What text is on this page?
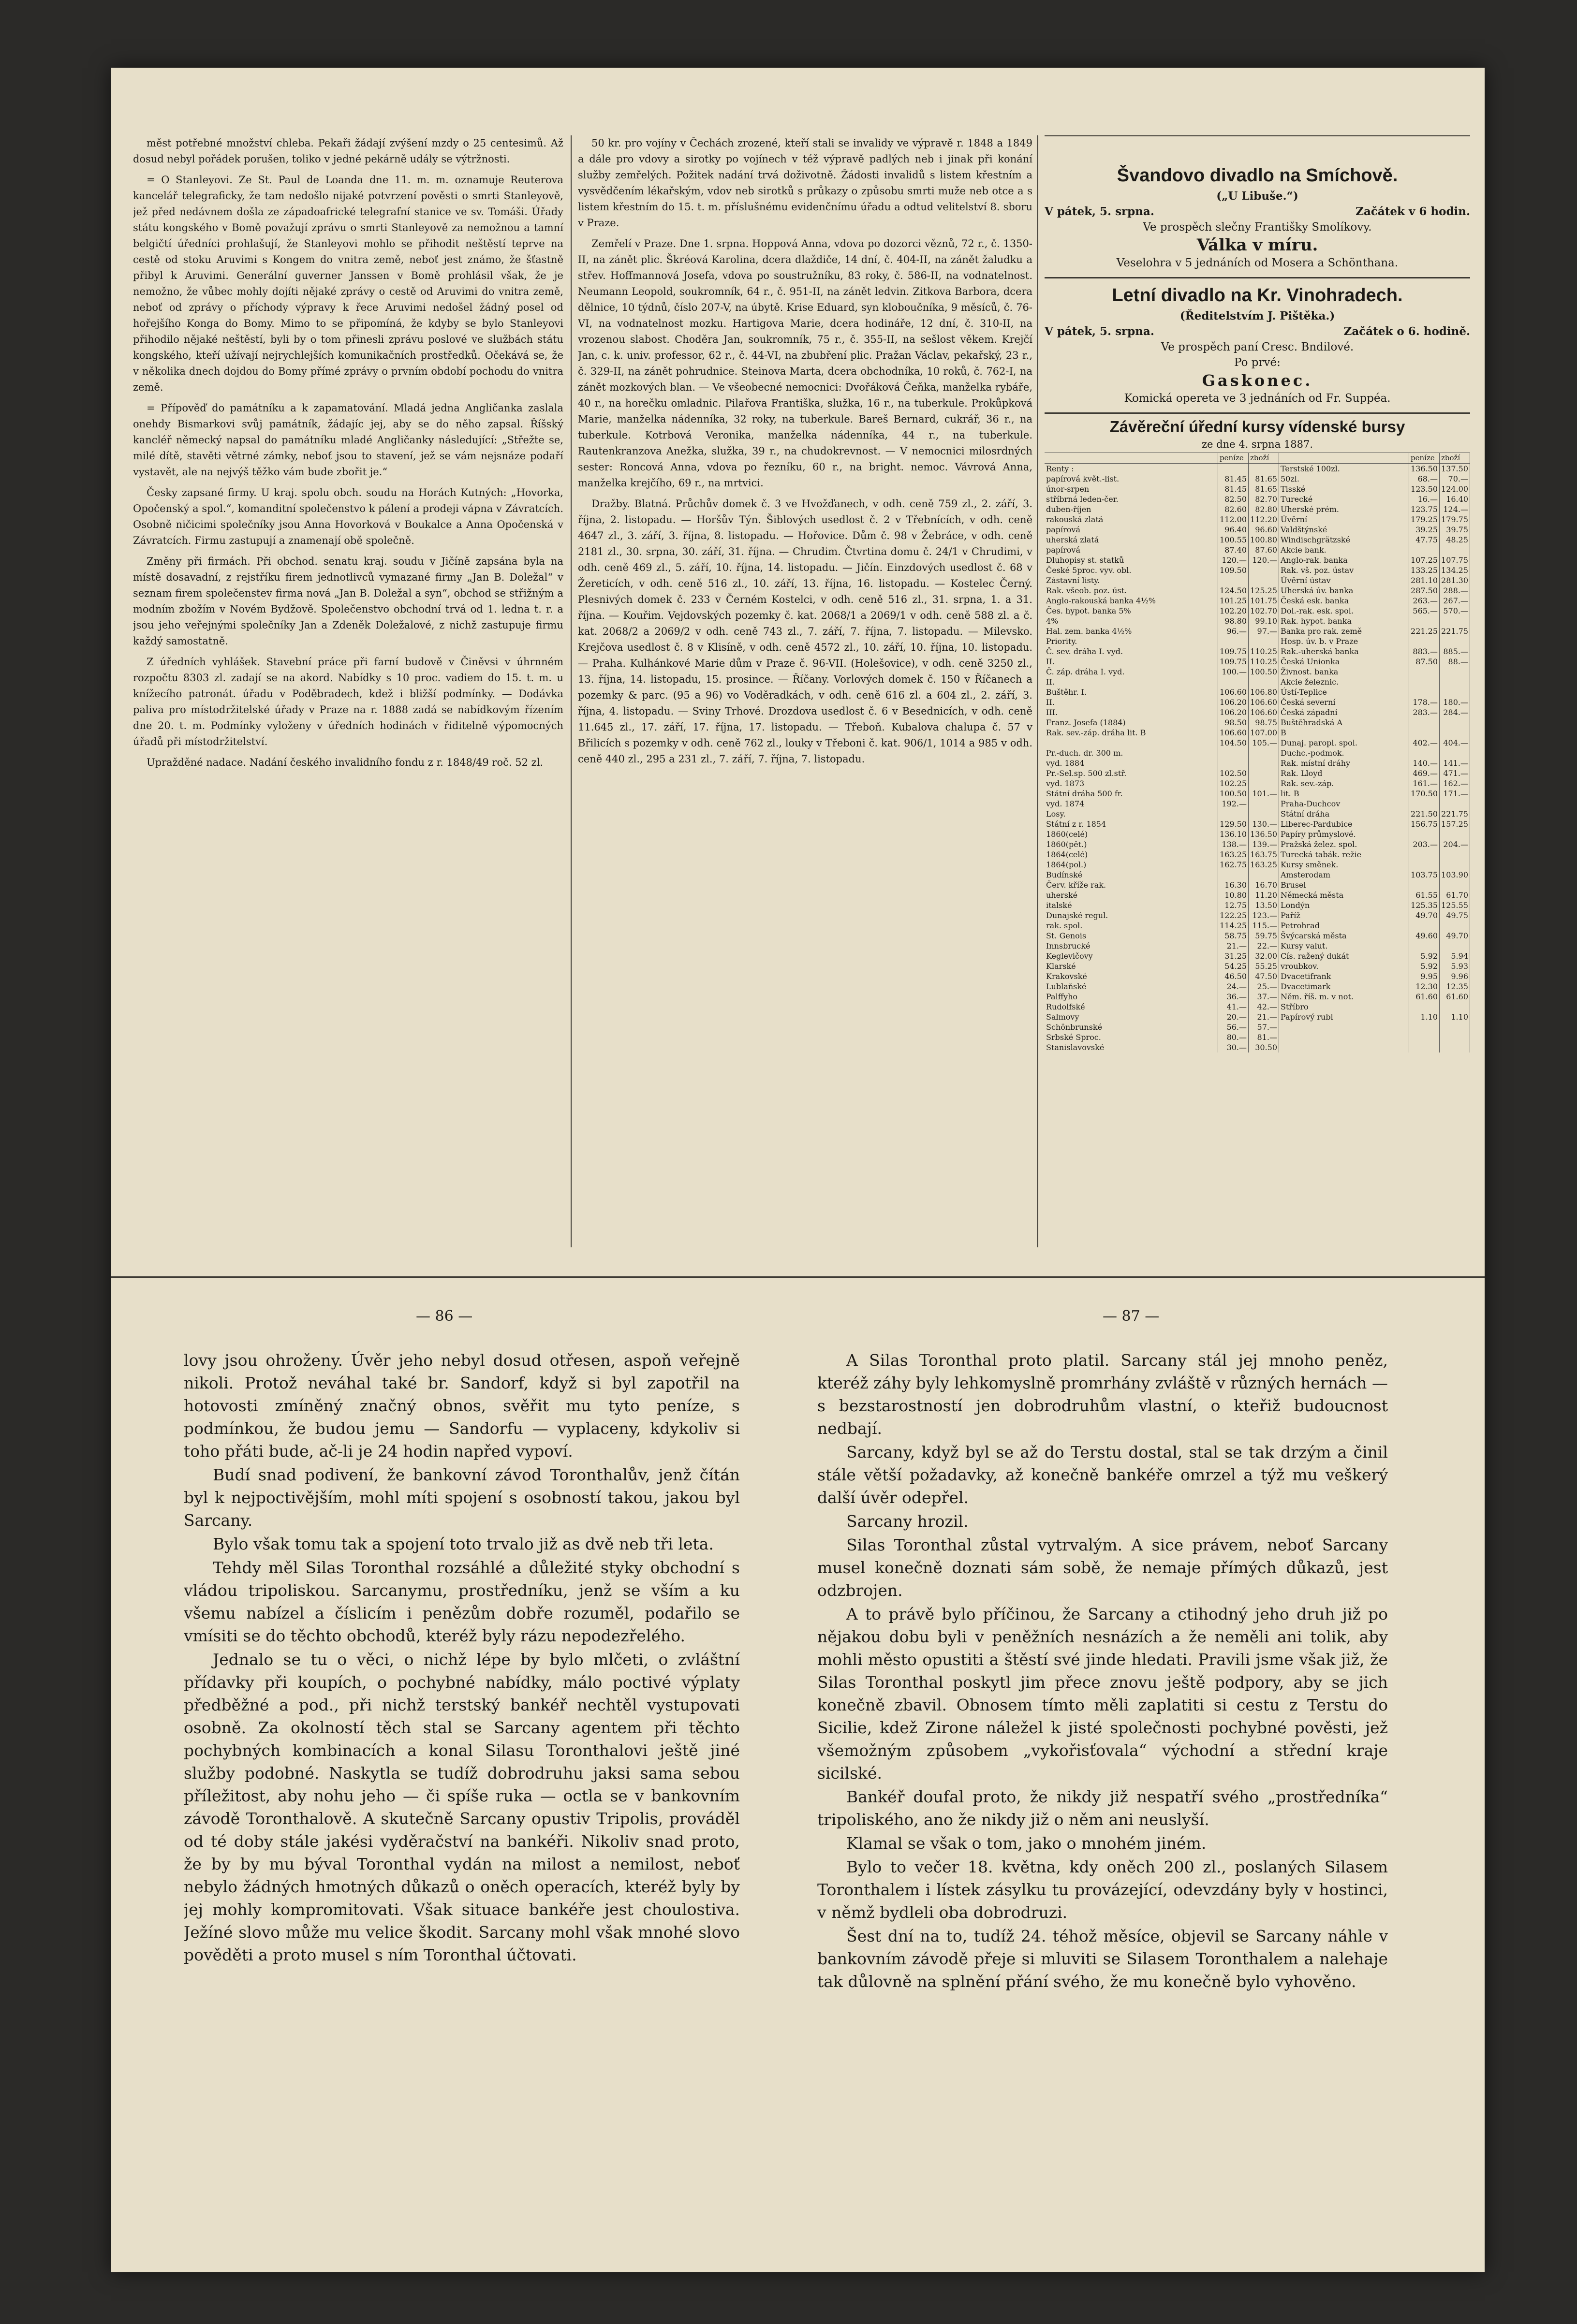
měst potřebné množství chleba. Pekaři žádají zvýšení mzdy o 25 centesimů. Až dosud nebyl pořádek porušen, toliko v jedné pekárně udály se výtržnosti.

= O Stanleyovi. Ze St. Paul de Loanda dne 11. m. m. oznamuje Reuterova kancelář telegraficky, že tam nedošlo nijaké potvrzení pověsti o smrti Stanleyově, jež před nedávnem došla ze západoafrické telegrafní stanice ve sv. Tomáši. Úřady státu kongského v Bomě považují zprávu o smrti Stanleyově za nemožnou a tamní belgičtí úředníci prohlašují, že Stanleyovi mohlo se přihodit neštěstí teprve na cestě od stoku Aruvimi s Kongem do vnitra země, neboť jest známo, že šťastně přibyl k Aruvimi. Generální guverner Janssen v Bomě prohlásil však, že je nemožno, že vůbec mohly dojíti nějaké zprávy o cestě od Aruvimi do vnitra země, neboť od zprávy o příchody výpravy k řece Aruvimi nedošel žádný posel od hořejšího Konga do Bomy. Mimo to se připomíná, že kdyby se bylo Stanleyovi přihodilo nějaké neštěstí, byli by o tom přinesli zprávu poslové ve službách státu kongského, kteří užívají nejrychlejších komunikačních prostředků. Očekává se, že v několika dnech dojdou do Bomy přímé zprávy o prvním období pochodu do vnitra země.

= Přípověď do památníku a k zapamatování. Mladá jedna Angličanka zaslala onehdy Bismarkovi svůj památník, žádajíc jej, aby se do něho zapsal. Říšský kancléř německý napsal do památníku mladé Angličanky následující: „Střežte se, milé dítě, stavěti větrné zámky, neboť jsou to stavení, jež se vám nejsnáze podaří vystavět, ale na nejvýš těžko vám bude zbořit je.“

Česky zapsané firmy. U kraj. spolu obch. soudu na Horách Kutných: „Hovorka, Opočenský a spol.“, komanditní společenstvo k pálení a prodeji vápna v Závratcích. Osobně ničicimi společníky jsou Anna Hovorková v Boukalce a Anna Opočenská v Závratcích. Firmu zastupují a znamenají obě společně.

Změny při firmách. Při obchod. senatu kraj. soudu v Jičíně zapsána byla na místě dosavadní, z rejstříku firem jednotlivců vymazané firmy „Jan B. Doležal“ v seznam firem společenstev firma nová „Jan B. Doležal a syn“, obchod se střižným a modním zbožím v Novém Bydžově. Společenstvo obchodní trvá od 1. ledna t. r. a jsou jeho veřejnými společníky Jan a Zdeněk Doležalové, z nichž zastupuje firmu každý samostatně.

Z úředních vyhlášek. Stavební práce při farní budově v Činěvsi v úhrnném rozpočtu 8303 zl. zadají se na akord. Nabídky s 10 proc. vadiem do 15. t. m. u knížecího patronát. úřadu v Poděbradech, kdež i bližší podmínky. — Dodávka paliva pro místodržitelské úřady v Praze na r. 1888 zadá se nabídkovým řízením dne 20. t. m. Podmínky vyloženy v úředních hodinách v řiditelně výpomocných úřadů při místodržitelství.

Upražděné nadace. Nadání českého invalidního fondu z r. 1848/49 roč. 52 zl.

50 kr. pro vojíny v Čechách zrozené, kteří stali se invalidy ve výpravě r. 1848 a 1849 a dále pro vdovy a sirotky po vojínech v též výpravě padlých neb i jinak při konání služby zemřelých. Požitek nadání trvá doživotně. Žádosti invalidů s listem křestním a vysvědčením lékařským, vdov neb sirotků s průkazy o způsobu smrti muže neb otce a s listem křestním do 15. t. m. příslušnému evidenčnímu úřadu a odtud velitelství 8. sboru v Praze.

Zemřelí v Praze. Dne 1. srpna. Hoppová Anna, vdova po dozorci věznů, 72 r., č. 1350-II, na zánět plic. Škréová Karolina, dcera dlaždiče, 14 dní, č. 404-II, na zánět žaludku a střev. Hoffmannová Josefa, vdova po soustružníku, 83 roky, č. 586-II, na vodnatelnost. Neumann Leopold, soukromník, 64 r., č. 951-II, na zánět ledvin. Zitkova Barbora, dcera dělnice, 10 týdnů, číslo 207-V, na úbytě. Krise Eduard, syn kloboučníka, 9 měsíců, č. 76-VI, na vodnatelnost mozku. Hartigova Marie, dcera hodináře, 12 dní, č. 310-II, na vrozenou slabost. Choděra Jan, soukromník, 75 r., č. 355-II, na sešlost věkem. Krejčí Jan, c. k. univ. professor, 62 r., č. 44-VI, na zbubření plic. Pražan Václav, pekařský, 23 r., č. 329-II, na zánět pohrudnice. Steinova Marta, dcera obchodníka, 10 roků, č. 762-I, na zánět mozkových blan. — Ve všeobecné nemocnici: Dvořáková Čeňka, manželka rybáře, 40 r., na horečku omladnic. Pilařova Františka, služka, 16 r., na tuberkule. Prokůpková Marie, manželka nádenníka, 32 roky, na tuberkule. Bareš Bernard, cukrář, 36 r., na tuberkule. Kotrbová Veronika, manželka nádenníka, 44 r., na tuberkule. Rautenkranzova Anežka, služka, 39 r., na chudokrevnost. — V nemocnici milosrdných sester: Roncová Anna, vdova po řezníku, 60 r., na bright. nemoc. Vávrová Anna, manželka krejčího, 69 r., na mrtvici.

Dražby. Blatná. Průchův domek č. 3 ve Hvožďanech, v odh. ceně 759 zl., 2. září, 3. října, 2. listopadu. — Horšův Týn. Šiblových usedlost č. 2 v Třebnících, v odh. ceně 4647 zl., 3. září, 3. října, 8. listopadu. — Hořovice. Dům č. 98 v Žebrácе, v odh. ceně 2181 zl., 30. srpna, 30. září, 31. října. — Chrudim. Čtvrtina domu č. 24/1 v Chrudimi, v odh. ceně 469 zl., 5. září, 10. října, 14. listopadu. — Jičín. Einzdových usedlost č. 68 v Žereticích, v odh. ceně 516 zl., 10. září, 13. října, 16. listopadu. — Kostelec Černý. Plesnivých domek č. 233 v Černém Kostelci, v odh. ceně 516 zl., 31. srpna, 1. a 31. října. — Kouřim. Vejdovských pozemky č. kat. 2068/1 a 2069/1 v odh. ceně 588 zl. a č. kat. 2068/2 a 2069/2 v odh. ceně 743 zl., 7. září, 7. října, 7. listopadu. — Milevsko. Krejčova usedlost č. 8 v Klisíně, v odh. ceně 4572 zl., 10. září, 10. října, 10. listopadu. — Praha. Kulhánkové Marie dům v Praze č. 96-VII. (Holešovice), v odh. ceně 3250 zl., 13. října, 14. listopadu, 15. prosince. — Říčany. Vorlových domek č. 150 v Říčanech a pozemky & parc. (95 a 96) vo Voděradkách, v odh. ceně 616 zl. a 604 zl., 2. září, 3. října, 4. listopadu. — Sviny Trhové. Drozdova usedlost č. 6 v Besednicích, v odh. ceně 11.645 zl., 17. září, 17. října, 17. listopadu. — Třeboň. Kubalova chalupa č. 57 v Břilicích s pozemky v odh. ceně 762 zl., louky v Třeboni č. kat. 906/1, 1014 a 985 v odh. ceně 440 zl., 295 a 231 zl., 7. září, 7. října, 7. listopadu.

Švandovo divadlo na Smíchově.
(„U Libuše.“)
V pátek, 5. srpna.	Začátek v 6 hodin.
Ve prospěch slečny Františky Smolíkovy.
Válka v míru.
Veselohra v 5 jednáních od Mosera a Schönthana.
Letní divadlo na Kr. Vinohradech.
(Ředitelstvím J. Pištěka.)
V pátek, 5. srpna.	Začátek o 6. hodině.
Ve prospěch paní Cresc. Bndilové.
Po prvé:
Gaskonec.
Komická opereta ve 3 jednáních od Fr. Suppéa.
Závěreční úřední kursy vídenské bursy
ze dne 4. srpna 1887.
	peníze	zboží		peníze	zboží
Renty :			Terstské 100zl.	136.50	137.50
papírová květ.-list.	81.45	81.65	50zl.	68.—	70.—
únor-srpen	81.45	81.65	Tisské	123.50	124.00
stříbrná leden-čer.	82.50	82.70	Turecké	16.—	16.40
duben-říjen	82.60	82.80	Uherské prém.	123.75	124.—
rakouská zlatá	112.00	112.20	Úvěrní	179.25	179.75
papírová	96.40	96.60	Valdštýnské	39.25	39.75
uherská zlatá	100.55	100.80	Windischgrätzské	47.75	48.25
papírová	87.40	87.60	Akcie bank.		
Dluhopisy st. statků	120.—	120.—	Anglo-rak. banka	107.25	107.75
České 5proc. vyv. obl.	109.50		Rak. vš. poz. ústav	133.25	134.25
Zástavní listy.			Úvěrní ústav	281.10	281.30
Rak. všeob. poz. úst.	124.50	125.25	Uherská úv. banka	287.50	288.—
Anglo-rakouská banka 4½%	101.25	101.75	Česká esk. banka	263.—	267.—
Čes. hypot. banka 5%	102.20	102.70	Dol.-rak. esk. spol.	565.—	570.—
4%	98.80	99.10	Rak. hypot. banka		
Hal. zem. banka 4½%	96.—	97.—	Banka pro rak. země	221.25	221.75
Priority.			Hosp. úv. b. v Praze		
Č. sev. dráha I. vyd.	109.75	110.25	Rak.-uherská banka	883.—	885.—
II.	109.75	110.25	Česká Unionka	87.50	88.—
Č. záp. dráha I. vyd.	100.—	100.50	Živnost. banka		
II.			Akcie železnic.		
Buštěhr. I.	106.60	106.80	Ústí-Teplice		
II.	106.20	106.60	Česká severní	178.—	180.—
III.	106.20	106.60	Česká západní	283.—	284.—
Franz. Josefa (1884)	98.50	98.75	Buštěhradská A		
Rak. sev.-záp. dráha lit. B	106.60	107.00	B		
	104.50	105.—	Dunaj. paropl. spol.	402.—	404.—
Pr.-duch. dr. 300 m.			Duchc.-podmok.		
vyd. 1884			Rak. místní dráhy	140.—	141.—
Pr.-Sel.sp. 500 zl.stř.	102.50		Rak. Lloyd	469.—	471.—
vyd. 1873	102.25		Rak. sev.-záp.	161.—	162.—
Státní dráha 500 fr.	100.50	101.—	lit. B	170.50	171.—
vyd. 1874	192.—		Praha-Duchcov		
Losy.			Státní dráha	221.50	221.75
Státní z r. 1854	129.50	130.—	Liberec-Pardubice	156.75	157.25
1860(celé)	136.10	136.50	Papíry průmyslové.		
1860(pět.)	138.—	139.—	Pražská želez. spol.	203.—	204.—
1864(celé)	163.25	163.75	Turecká tabák. režie		
1864(pol.)	162.75	163.25	Kursy směnek.		
Budínské			Amsterodam	103.75	103.90
Červ. kříže rak.	16.30	16.70	Brusel		
uherské	10.80	11.20	Německá města	61.55	61.70
italské	12.75	13.50	Londýn	125.35	125.55
Dunajské regul.	122.25	123.—	Paříž	49.70	49.75
rak. spol.	114.25	115.—	Petrohrad		
St. Genois	58.75	59.75	Švýcarská města	49.60	49.70
Innsbrucké	21.—	22.—	Kursy valut.		
Keglevičovy	31.25	32.00	Cís. ražený dukát	5.92	5.94
Klarské	54.25	55.25	vroubkov.	5.92	5.93
Krakovské	46.50	47.50	Dvacetifrank	9.95	9.96
Lublaňské	24.—	25.—	Dvacetimark	12.30	12.35
Palffyho	36.—	37.—	Něm. říš. m. v not.	61.60	61.60
Rudolfské	41.—	42.—	Stříbro		
Salmovy	20.—	21.—	Papírový rubl	1.10	1.10
Schönbrunské	56.—	57.—			
Srbské Sproc.	80.—	81.—			
Stanislavovské	30.—	30.50			
— 86 —	— 87 —

lovy jsou ohroženy. Úvěr jeho nebyl dosud otřesen, aspoň veřejně nikoli. Protož neváhal také br. Sandorf, když si byl zapotřil na hotovosti zmíněný značný obnos, svěřit mu tyto peníze, s podmínkou, že budou jemu — Sandorfu — vyplaceny, kdykoliv si toho přáti bude, ač-li je 24 hodin napřed vypoví.

Budí snad podivení, že bankovní závod Toronthalův, jenž čítán byl k nejpoctivějším, mohl míti spojení s osobností takou, jakou byl Sarcany.

Bylo však tomu tak a spojení toto trvalo již as dvě neb tři leta.

Tehdy měl Silas Toronthal rozsáhlé a důležité styky obchodní s vládou tripoliskou. Sarcanymu, prostředníku, jenž se vším a ku všemu nabízel a číslicím i penězům dobře rozuměl, podařilo se vmísiti se do těchto obchodů, kteréž byly rázu nepodezřelého.

Jednalo se tu o věci, o nichž lépe by bylo mlčeti, o zvláštní přídavky při koupích, o pochybné nabídky, málo poctivé výplaty předběžné a pod., při nichž terstský bankéř nechtěl vystupovati osobně. Za okolností těch stal se Sarcany agentem při těchto pochybných kombinacích a konal Silasu Toronthalovi ještě jiné služby podobné. Naskytla se tudíž dobrodruhu jaksi sama sebou příležitost, aby nohu jeho — či spíše ruka — octla se v bankovním závodě Toronthalově. A skutečně Sarcany opustiv Tripolis, prováděl od té doby stále jakési vyděračství na bankéři. Nikoliv snad proto, že by by mu býval Toronthal vydán na milost a nemilost, neboť nebylo žádných hmotných důkazů o oněch operacích, kteréž byly by jej mohly kompromitovati. Však situace bankéře jest choulostiva. Ježíné slovo může mu velice škodit. Sarcany mohl však mnohé slovo pověděti a proto musel s ním Toronthal účtovati.

A Silas Toronthal proto platil. Sarcany stál jej mnoho peněz, kteréž záhy byly lehkomyslně promrhány zvláště v různých hernách — s bezstarostností jen dobrodruhům vlastní, o kteřiž budoucnost nedbají.

Sarcany, když byl se až do Terstu dostal, stal se tak drzým a činil stále větší požadavky, až konečně bankéře omrzel a týž mu veškerý další úvěr odepřel.

Sarcany hrozil.

Silas Toronthal zůstal vytrvalým. A sice právem, neboť Sarcany musel konečně doznati sám sobě, že nemaje přímých důkazů, jest odzbrojen.

A to právě bylo příčinou, že Sarcany a ctihodný jeho druh již po nějakou dobu byli v peněžních nesnázích a že neměli ani tolik, aby mohli město opustiti a štěstí své jinde hledati. Pravili jsme však již, že Silas Toronthal poskytl jim přece znovu ještě podpory, aby se jich konečně zbavil. Obnosem tímto měli zaplatiti si cestu z Terstu do Sicilie, kdež Zirone náležel k jisté společnosti pochybné pověsti, jež všemožným způsobem „vykořisťovala“ východní a střední kraje sicilské.

Bankéř doufal proto, že nikdy již nespatří svého „prostředníka“ tripoliského, ano že nikdy již o něm ani neuslyší.

Klamal se však o tom, jako o mnohém jiném.

Bylo to večer 18. května, kdy oněch 200 zl., poslaných Silasem Toronthalem i lístek zásylku tu provázející, odevzdány byly v hostinci, v němž bydleli oba dobrodruzi.

Šest dní na to, tudíž 24. téhož měsíce, objevil se Sarcany náhle v bankovním závodě přeje si mluviti se Silasem Toronthalem a nalehaje tak důlovně na splnění přání svého, že mu konečně bylo vyhověno.
